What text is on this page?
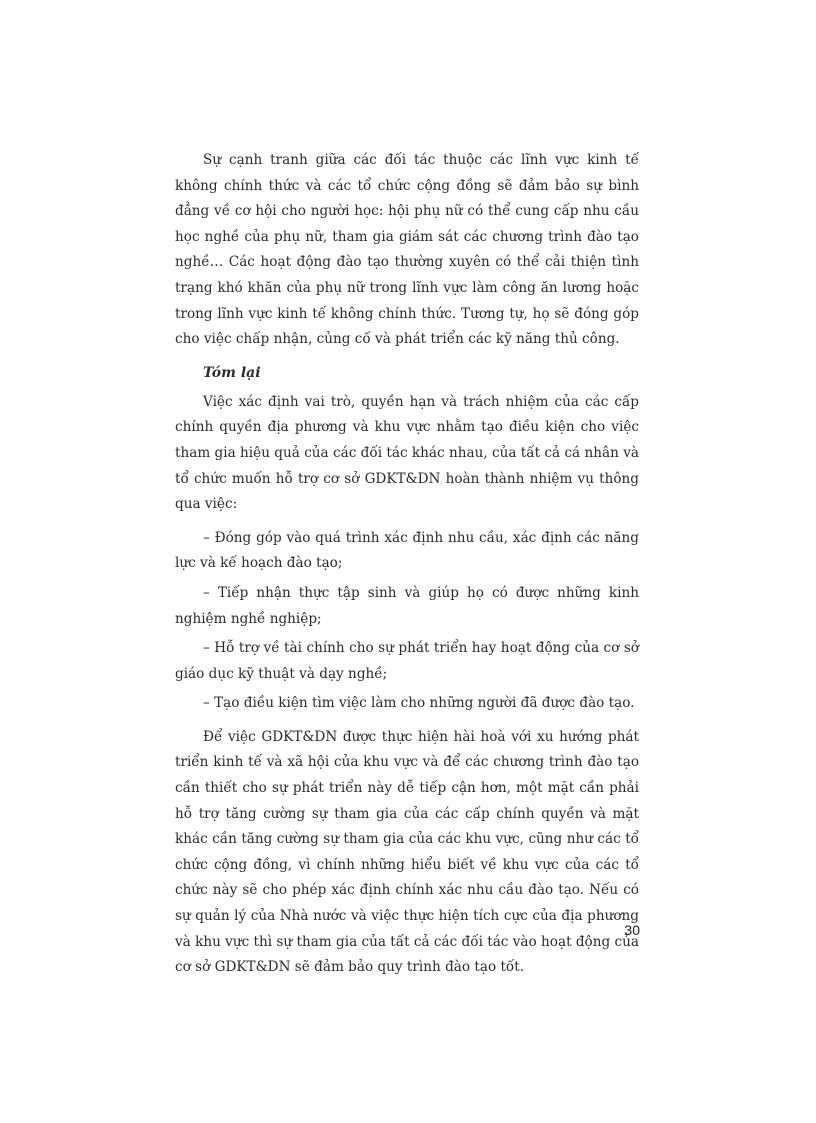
Sự cạnh tranh giữa các đối tác thuộc các lĩnh vực kinh tế không chính thức và các tổ chức cộng đồng sẽ đảm bảo sự bình đẳng về cơ hội cho người học: hội phụ nữ có thể cung cấp nhu cầu học nghề của phụ nữ, tham gia giám sát các chương trình đào tạo nghề… Các hoạt động đào tạo thường xuyên có thể cải thiện tình trạng khó khăn của phụ nữ trong lĩnh vực làm công ăn lương hoặc trong lĩnh vực kinh tế không chính thức. Tương tự, họ sẽ đóng góp cho việc chấp nhận, củng cố và phát triển các kỹ năng thủ công.

Tóm lại

Việc xác định vai trò, quyền hạn và trách nhiệm của các cấp chính quyền địa phương và khu vực nhằm tạo điều kiện cho việc tham gia hiệu quả của các đối tác khác nhau, của tất cả cá nhân và tổ chức muốn hỗ trợ cơ sở GDKT&DN hoàn thành nhiệm vụ thông qua việc:

– Đóng góp vào quá trình xác định nhu cầu, xác định các năng lực và kế hoạch đào tạo;

– Tiếp nhận thực tập sinh và giúp họ có được những kinh nghiệm nghề nghiệp;

– Hỗ trợ về tài chính cho sự phát triển hay hoạt động của cơ sở giáo dục kỹ thuật và dạy nghề;

– Tạo điều kiện tìm việc làm cho những người đã được đào tạo.

Để việc GDKT&DN được thực hiện hài hoà với xu hướng phát triển kinh tế và xã hội của khu vực và để các chương trình đào tạo cần thiết cho sự phát triển này dễ tiếp cận hơn, một mặt cần phải hỗ trợ tăng cường sự tham gia của các cấp chính quyền và mặt khác cần tăng cường sự tham gia của các khu vực, cũng như các tổ chức cộng đồng, vì chính những hiểu biết về khu vực của các tổ chức này sẽ cho phép xác định chính xác nhu cầu đào tạo. Nếu có sự quản lý của Nhà nước và việc thực hiện tích cực của địa phương và khu vực thì sự tham gia của tất cả các đối tác vào hoạt động của cơ sở GDKT&DN sẽ đảm bảo quy trình đào tạo tốt.

30
